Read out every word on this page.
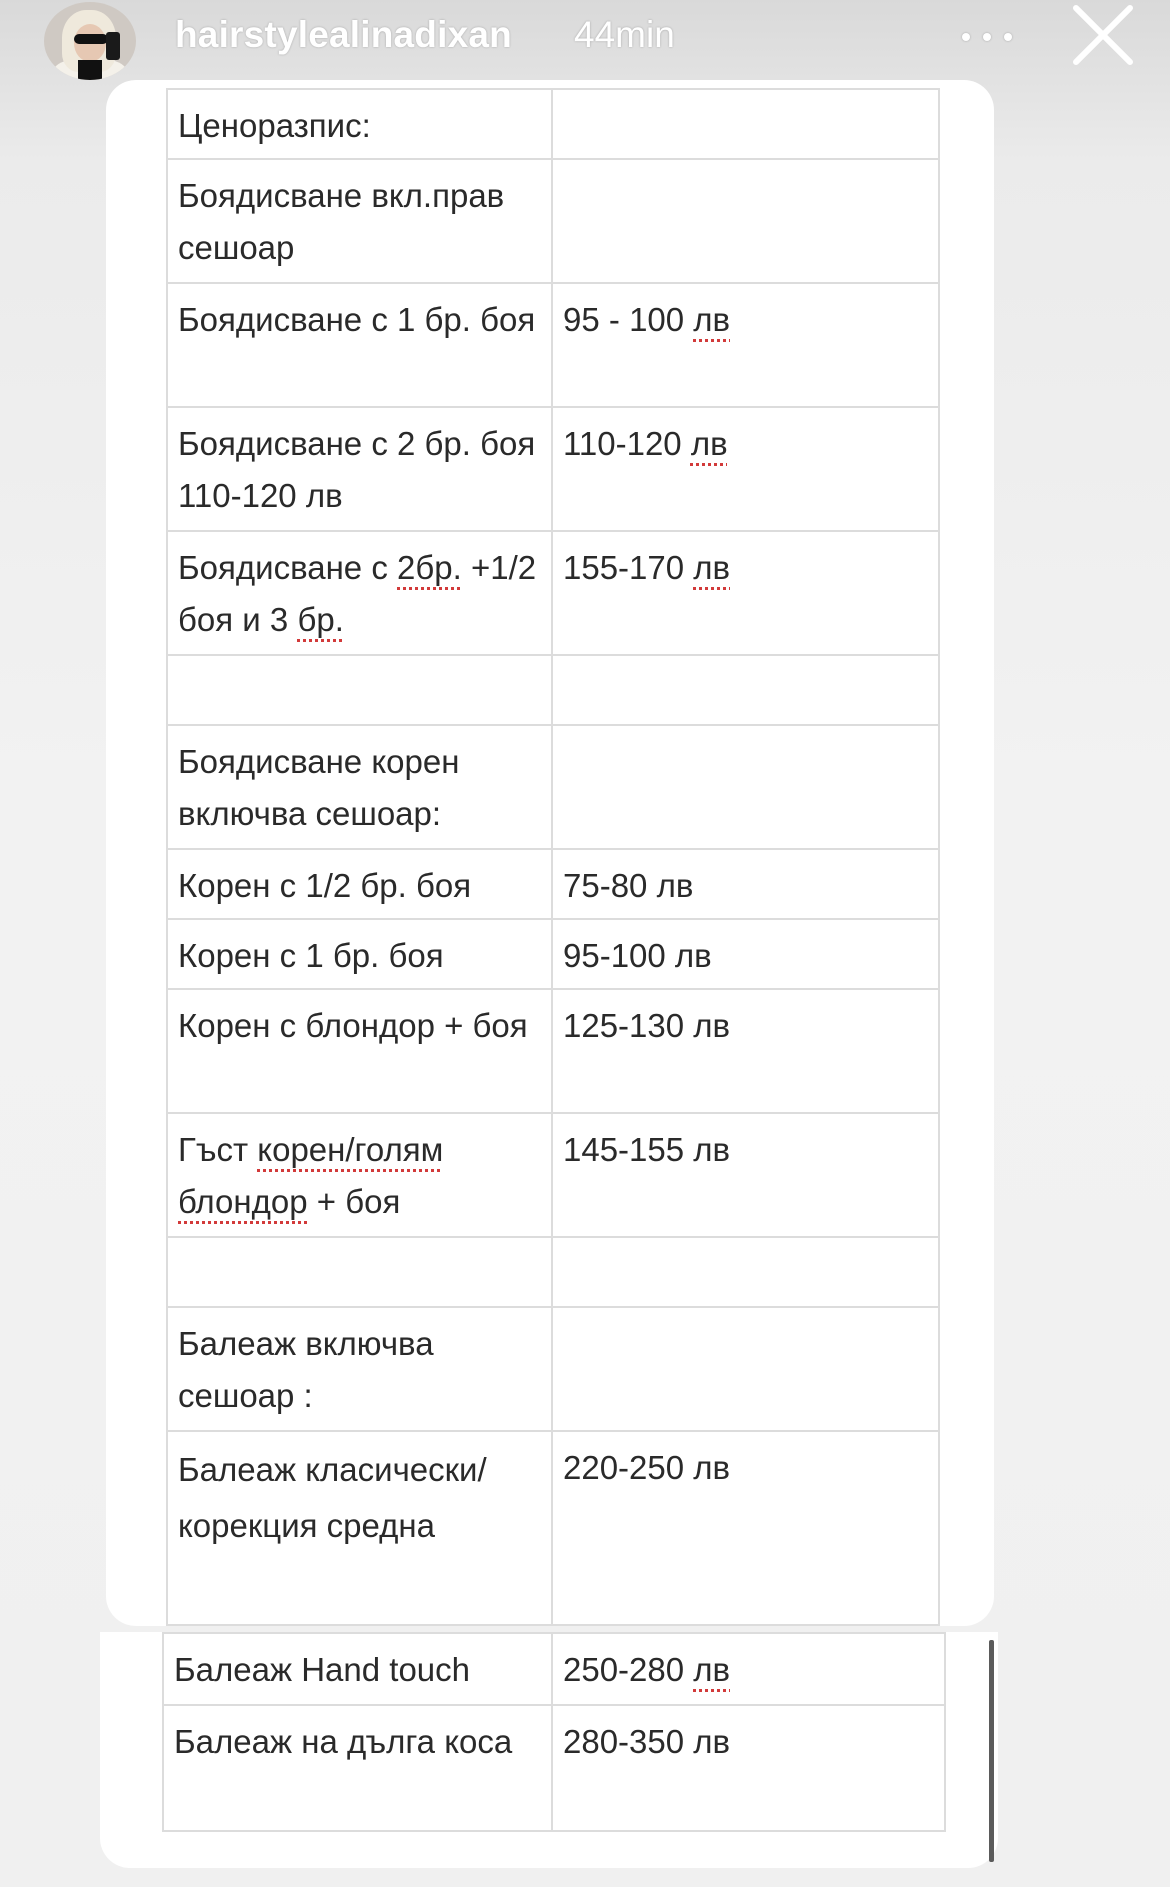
hairstylealinadixan 44min
Ценоразпис:	
Боядисване вкл.прав сешоар	
Боядисване с 1 бр. боя	95 - 100 лв
Боядисване с 2 бр. боя 110-120 лв	110-120 лв
Боядисване с 2бр. +1/2 боя и 3 бр.	155-170 лв

Боядисване корен включва сешоар:	
Корен с 1/2 бр. боя	75-80 лв
Корен с 1 бр. боя	95-100 лв
Корен с блондор + боя	125-130 лв
Гъст корен/голям блондор + боя	145-155 лв

Балеаж включва сешоар :	
Балеаж класически/ корекция средна	220-250 лв
Балеаж Hand touch	250-280 лв
Балеаж на дълга коса	280-350 лв
